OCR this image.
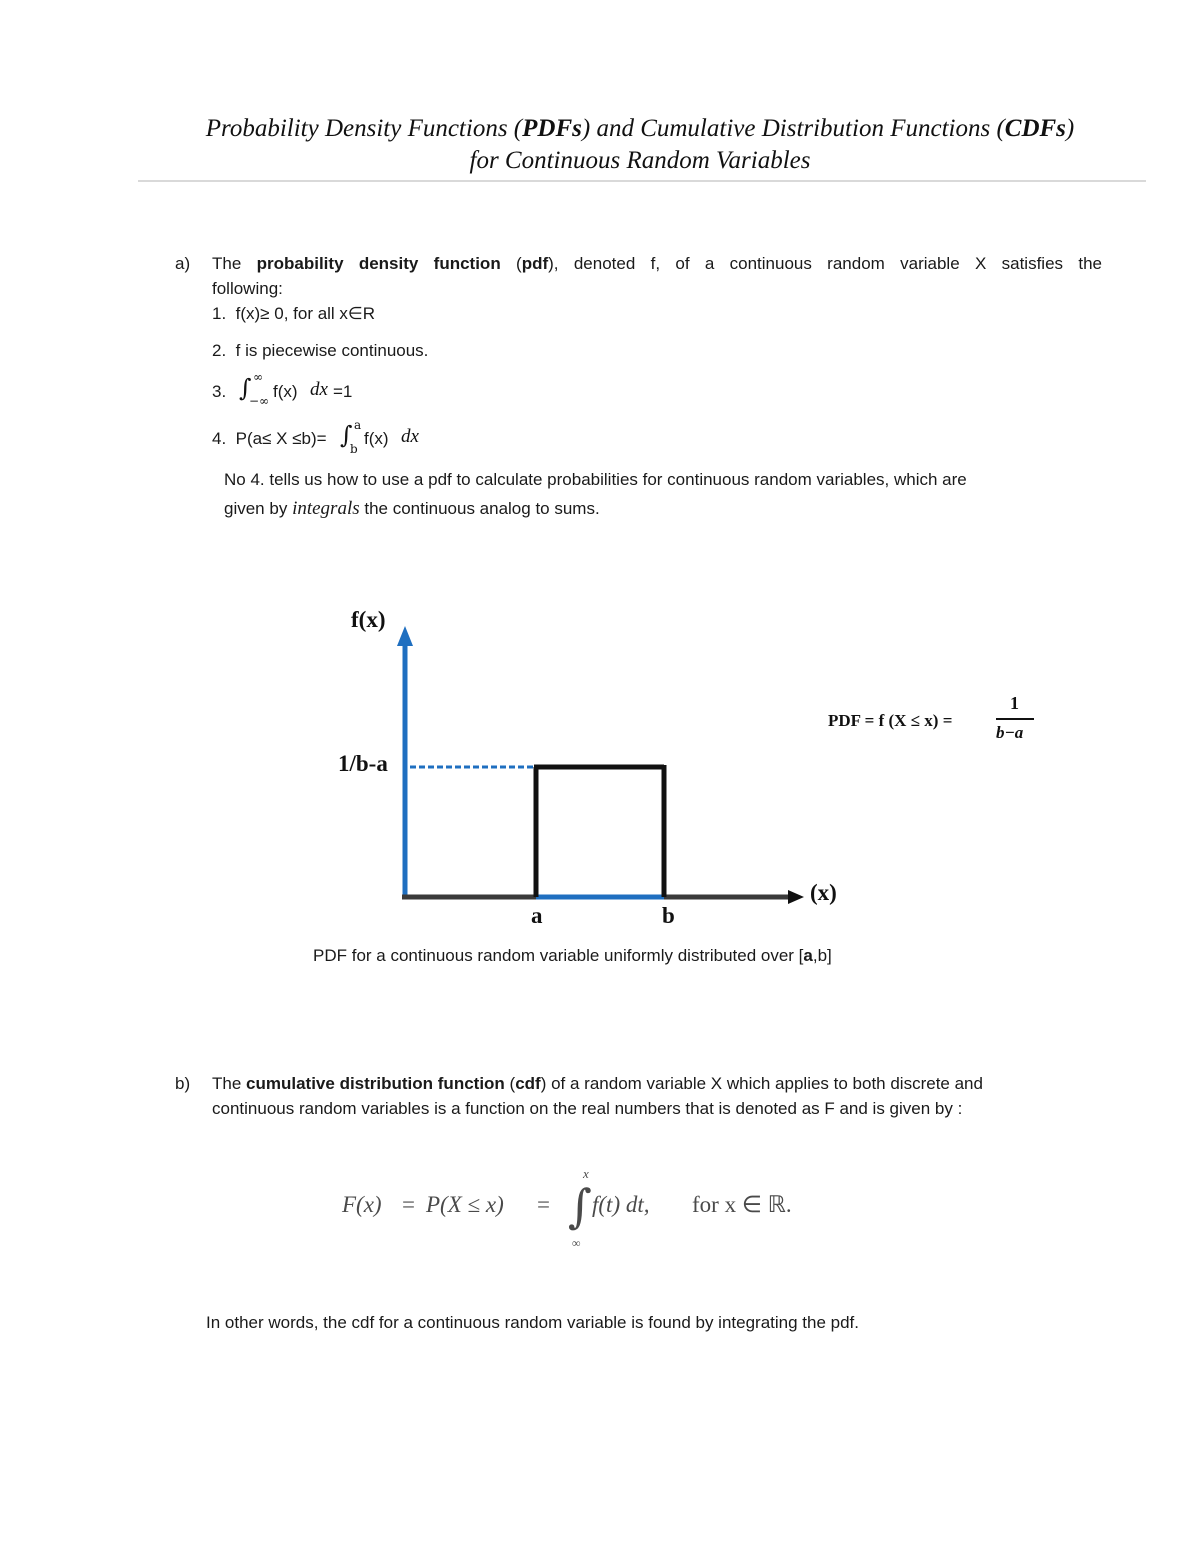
Probability Density Functions (PDFs) and Cumulative Distribution Functions (CDFs)
for Continuous Random Variables
a) The probability density function (pdf), denoted f, of a continuous random variable X satisfies the
following:
1. f(x)≥ 0, for all x∈R
2. f is piecewise continuous.
3. ∫ ∞
−∞ f(x) dx =1
4. P(a≤ X ≤b)= ∫ a
b
f(x) dx
No 4. tells us how to use a pdf to calculate probabilities for continuous random variables, which are
given by integrals the continuous analog to sums.
f(x)
1/b-a
(x)
a	b
PDF = f (X ≤ x) =
1
b−a
PDF for a continuous random variable uniformly distributed over [a,b]
b) The cumulative distribution function (cdf) of a random variable X which applies to both discrete and
continuous random variables is a function on the real numbers that is denoted as F and is given by :
F(x) = P(X ≤ x) = ∫
x
∞
f(t) dt, for x ∈ ℝ.
In other words, the cdf for a continuous random variable is found by integrating the pdf.
